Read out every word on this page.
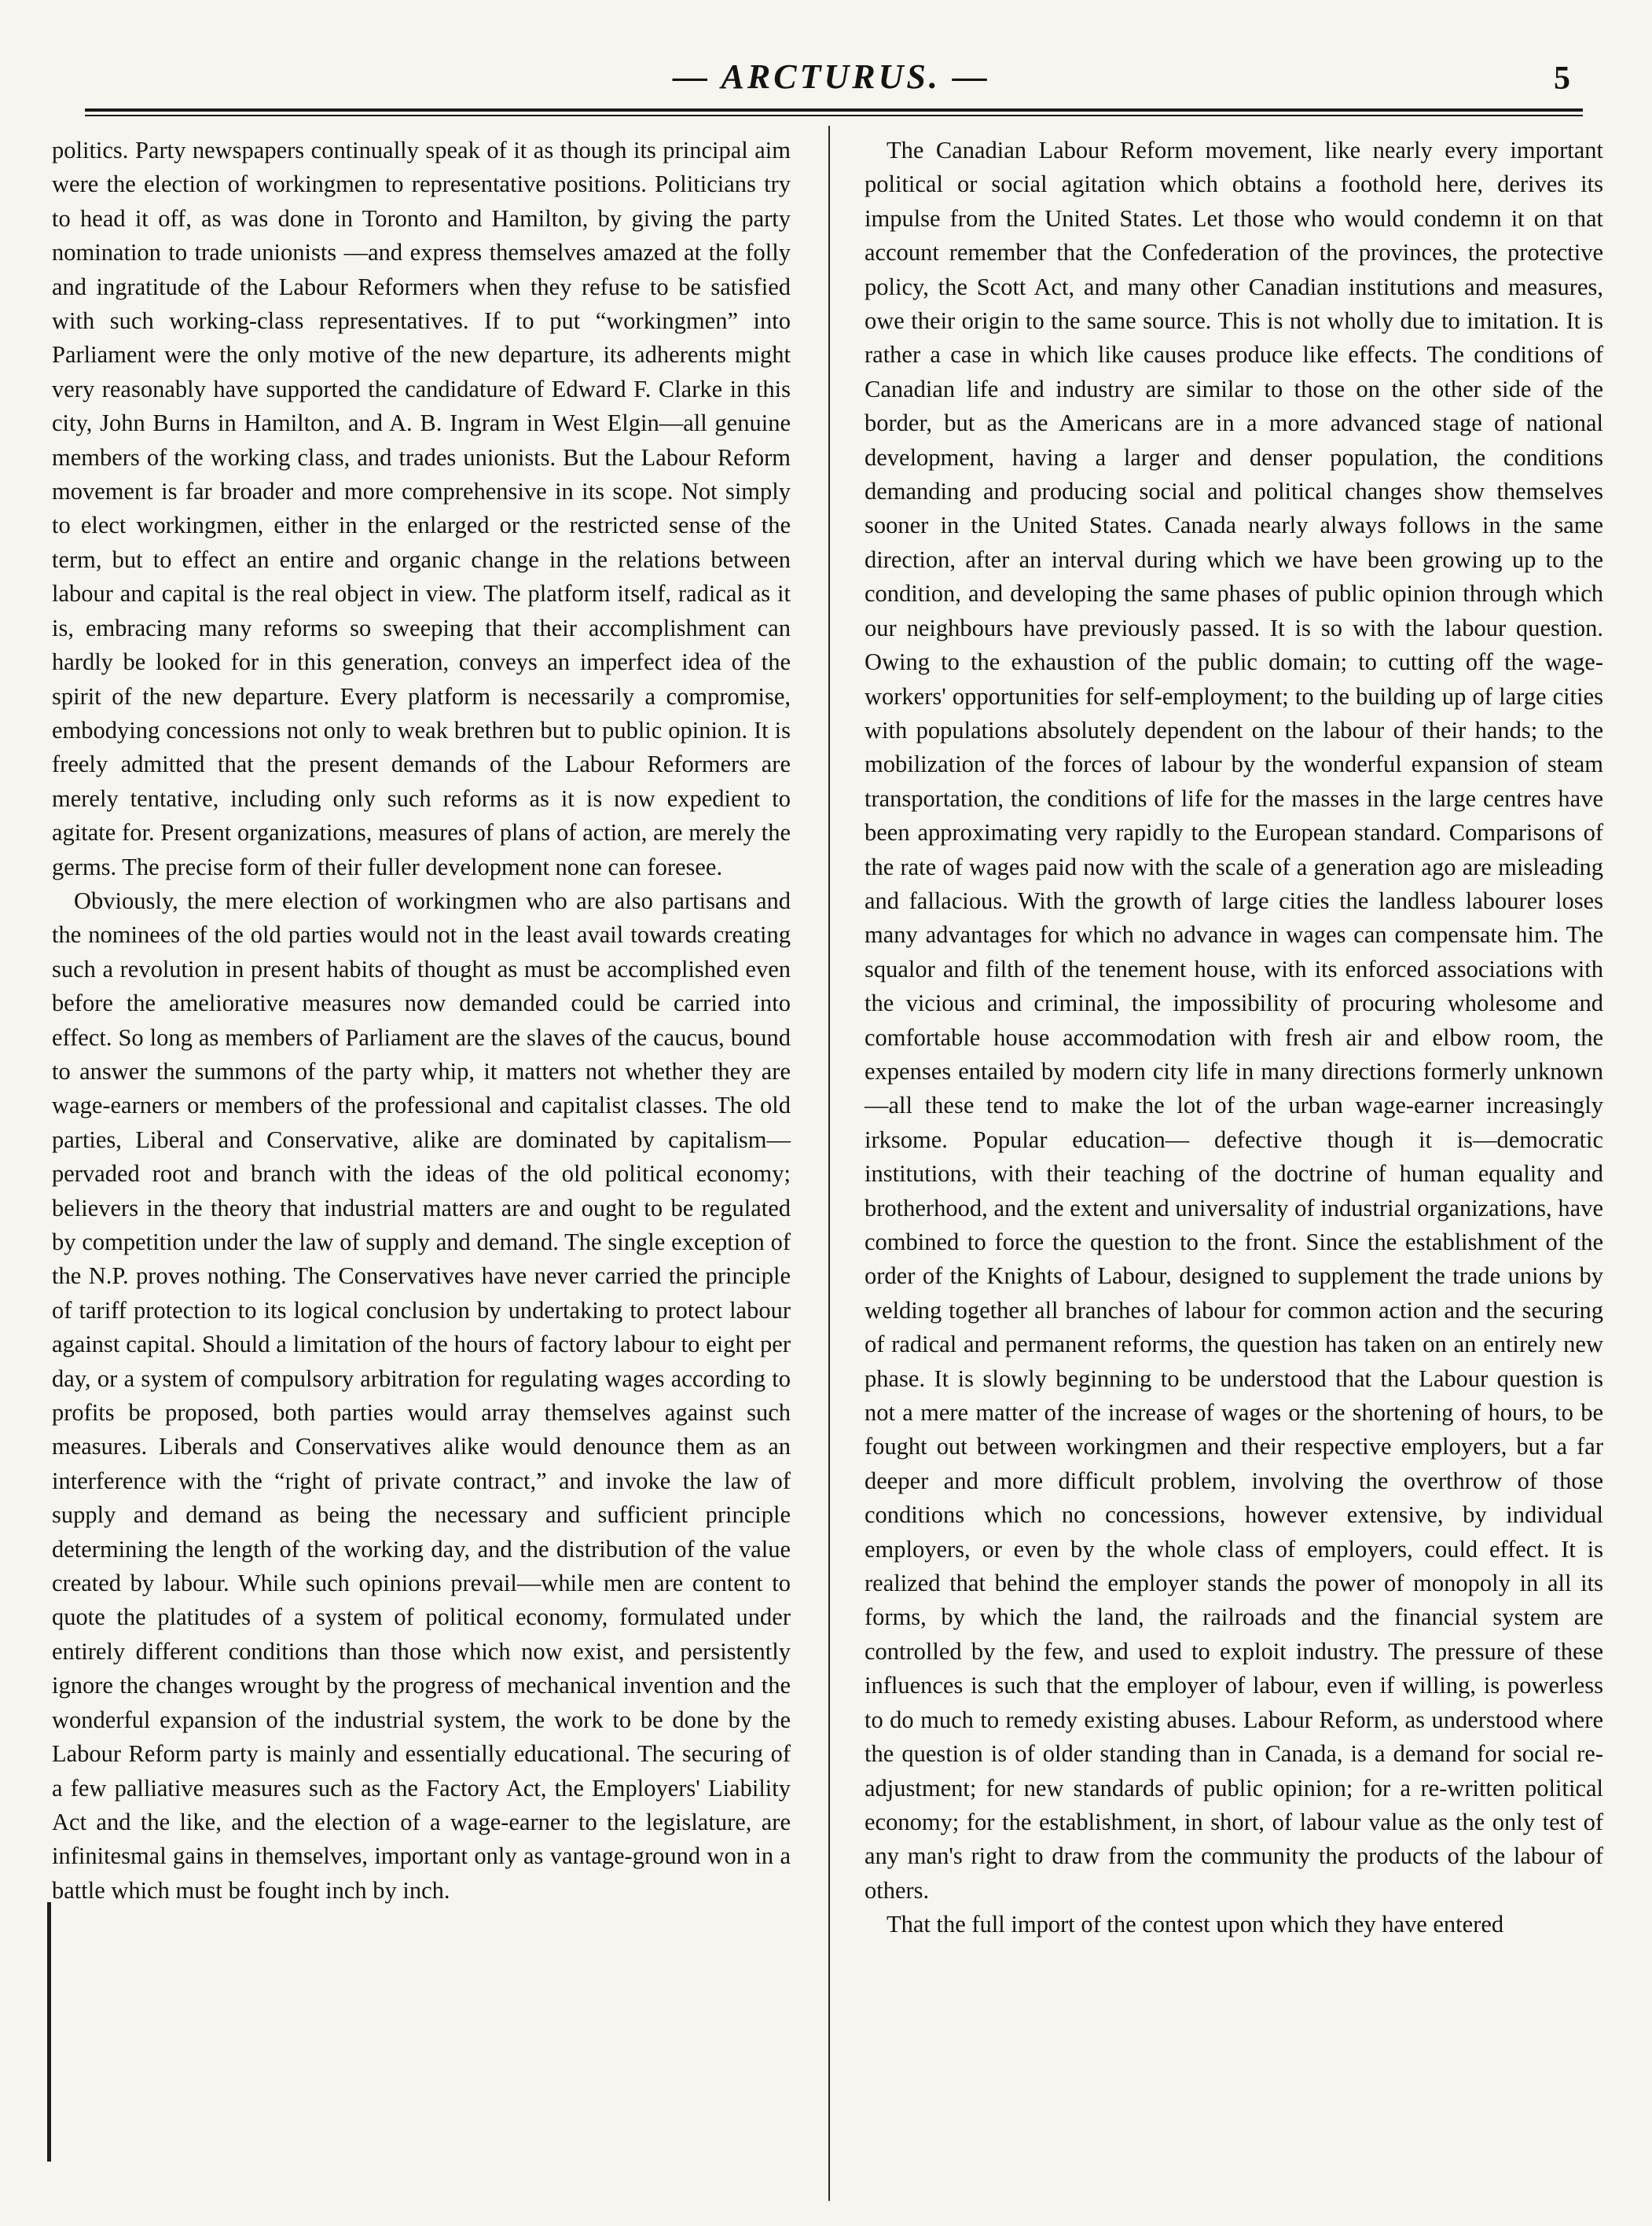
— ARCTURUS. —	5

politics. Party newspapers continually speak of it as though its principal aim were the election of workingmen to representative positions. Politicians try to head it off, as was done in Toronto and Hamilton, by giving the party nomination to trade unionists —and express themselves amazed at the folly and ingratitude of the Labour Reformers when they refuse to be satisfied with such working-class representatives. If to put “workingmen” into Parliament were the only motive of the new departure, its adherents might very reasonably have supported the candidature of Edward F. Clarke in this city, John Burns in Hamilton, and A. B. Ingram in West Elgin—all genuine members of the working class, and trades unionists. But the Labour Reform movement is far broader and more comprehensive in its scope. Not simply to elect workingmen, either in the enlarged or the restricted sense of the term, but to effect an entire and organic change in the relations between labour and capital is the real object in view. The platform itself, radical as it is, embracing many reforms so sweeping that their accomplishment can hardly be looked for in this generation, conveys an imperfect idea of the spirit of the new departure. Every platform is necessarily a compromise, embodying concessions not only to weak brethren but to public opinion. It is freely admitted that the present demands of the Labour Reformers are merely tentative, including only such reforms as it is now expedient to agitate for. Present organizations, measures of plans of action, are merely the germs. The precise form of their fuller development none can foresee.

Obviously, the mere election of workingmen who are also partisans and the nominees of the old parties would not in the least avail towards creating such a revolution in present habits of thought as must be accomplished even before the ameliorative measures now demanded could be carried into effect. So long as members of Parliament are the slaves of the caucus, bound to answer the summons of the party whip, it matters not whether they are wage-earners or members of the professional and capitalist classes. The old parties, Liberal and Conservative, alike are dominated by capitalism—pervaded root and branch with the ideas of the old political economy; believers in the theory that industrial matters are and ought to be regulated by competition under the law of supply and demand. The single exception of the N.P. proves nothing. The Conservatives have never carried the principle of tariff protection to its logical conclusion by undertaking to protect labour against capital. Should a limitation of the hours of factory labour to eight per day, or a system of compulsory arbitration for regulating wages according to profits be proposed, both parties would array themselves against such measures. Liberals and Conservatives alike would denounce them as an interference with the “right of private contract,” and invoke the law of supply and demand as being the necessary and sufficient principle determining the length of the working day, and the distribution of the value created by labour. While such opinions prevail—while men are content to quote the platitudes of a system of political economy, formulated under entirely different conditions than those which now exist, and persistently ignore the changes wrought by the progress of mechanical invention and the wonderful expansion of the industrial system, the work to be done by the Labour Reform party is mainly and essentially educational. The securing of a few palliative measures such as the Factory Act, the Employers' Liability Act and the like, and the election of a wage-earner to the legislature, are infinitesmal gains in themselves, important only as vantage-ground won in a battle which must be fought inch by inch.

The Canadian Labour Reform movement, like nearly every important political or social agitation which obtains a foothold here, derives its impulse from the United States. Let those who would condemn it on that account remember that the Confederation of the provinces, the protective policy, the Scott Act, and many other Canadian institutions and measures, owe their origin to the same source. This is not wholly due to imitation. It is rather a case in which like causes produce like effects. The conditions of Canadian life and industry are similar to those on the other side of the border, but as the Americans are in a more advanced stage of national development, having a larger and denser population, the conditions demanding and producing social and political changes show themselves sooner in the United States. Canada nearly always follows in the same direction, after an interval during which we have been growing up to the condition, and developing the same phases of public opinion through which our neighbours have previously passed. It is so with the labour question. Owing to the exhaustion of the public domain; to cutting off the wage-workers' opportunities for self-employment; to the building up of large cities with populations absolutely dependent on the labour of their hands; to the mobilization of the forces of labour by the wonderful expansion of steam transportation, the conditions of life for the masses in the large centres have been approximating very rapidly to the European standard. Comparisons of the rate of wages paid now with the scale of a generation ago are misleading and fallacious. With the growth of large cities the landless labourer loses many advantages for which no advance in wages can compensate him. The squalor and filth of the tenement house, with its enforced associations with the vicious and criminal, the impossibility of procuring wholesome and comfortable house accommodation with fresh air and elbow room, the expenses entailed by modern city life in many directions formerly unknown—all these tend to make the lot of the urban wage-earner increasingly irksome. Popular education— defective though it is—democratic institutions, with their teaching of the doctrine of human equality and brotherhood, and the extent and universality of industrial organizations, have combined to force the question to the front. Since the establishment of the order of the Knights of Labour, designed to supplement the trade unions by welding together all branches of labour for common action and the securing of radical and permanent reforms, the question has taken on an entirely new phase. It is slowly beginning to be understood that the Labour question is not a mere matter of the increase of wages or the shortening of hours, to be fought out between workingmen and their respective employers, but a far deeper and more difficult problem, involving the overthrow of those conditions which no concessions, however extensive, by individual employers, or even by the whole class of employers, could effect. It is realized that behind the employer stands the power of monopoly in all its forms, by which the land, the railroads and the financial system are controlled by the few, and used to exploit industry. The pressure of these influences is such that the employer of labour, even if willing, is powerless to do much to remedy existing abuses. Labour Reform, as understood where the question is of older standing than in Canada, is a demand for social re-adjustment; for new standards of public opinion; for a re-written political economy; for the establishment, in short, of labour value as the only test of any man's right to draw from the community the products of the labour of others.

That the full import of the contest upon which they have entered
